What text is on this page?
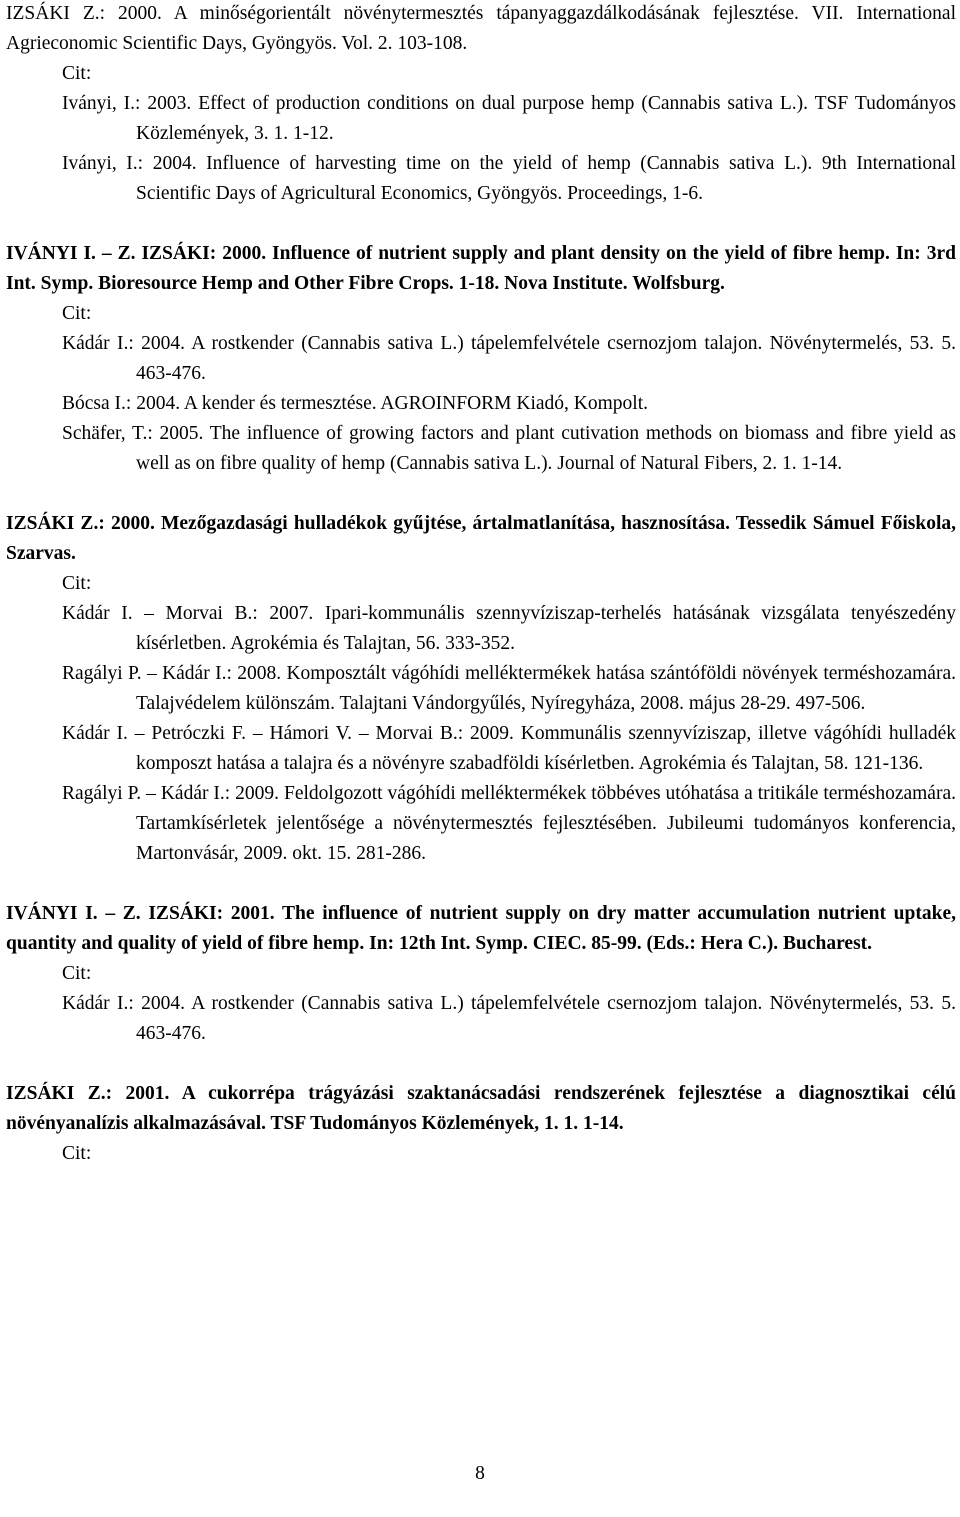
IZSÁKI Z.: 2000. A minőségorientált növénytermesztés tápanyaggazdálkodásának fejlesztése. VII. International Agrieconomic Scientific Days, Gyöngyös. Vol. 2. 103-108.
Cit:
Iványi, I.: 2003. Effect of production conditions on dual purpose hemp (Cannabis sativa L.). TSF Tudományos Közlemények, 3. 1. 1-12.
Iványi, I.: 2004. Influence of harvesting time on the yield of hemp (Cannabis sativa L.). 9th International Scientific Days of Agricultural Economics, Gyöngyös. Proceedings, 1-6.
IVÁNYI I. – Z. IZSÁKI: 2000. Influence of nutrient supply and plant density on the yield of fibre hemp. In: 3rd Int. Symp. Bioresource Hemp and Other Fibre Crops. 1-18. Nova Institute. Wolfsburg.
Cit:
Kádár I.: 2004. A rostkender (Cannabis sativa L.) tápelemfelvétele csernozjom talajon. Növénytermelés, 53. 5. 463-476.
Bócsa I.: 2004. A kender és termesztése. AGROINFORM Kiadó, Kompolt.
Schäfer, T.: 2005. The influence of growing factors and plant cutivation methods on biomass and fibre yield as well as on fibre quality of hemp (Cannabis sativa L.). Journal of Natural Fibers, 2. 1. 1-14.
IZSÁKI Z.: 2000. Mezőgazdasági hulladékok gyűjtése, ártalmatlanítása, hasznosítása. Tessedik Sámuel Főiskola, Szarvas.
Cit:
Kádár I. – Morvai B.: 2007. Ipari-kommunális szennyvíziszap-terhelés hatásának vizsgálata tenyészedény kísérletben. Agrokémia és Talajtan, 56. 333-352.
Ragályi P. – Kádár I.: 2008. Komposztált vágóhídi melléktermékek hatása szántóföldi növények terméshozamára. Talajvédelem különszám. Talajtani Vándorgyűlés, Nyíregyháza, 2008. május 28-29. 497-506.
Kádár I. – Petróczki F. – Hámori V. – Morvai B.: 2009. Kommunális szennyvíziszap, illetve vágóhídi hulladék komposzt hatása a talajra és a növényre szabadföldi kísérletben. Agrokémia és Talajtan, 58. 121-136.
Ragályi P. – Kádár I.: 2009. Feldolgozott vágóhídi melléktermékek többéves utóhatása a tritikále terméshozamára. Tartamkísérletek jelentősége a növénytermesztés fejlesztésében. Jubileumi tudományos konferencia, Martonvásár, 2009. okt. 15. 281-286.
IVÁNYI I. – Z. IZSÁKI: 2001. The influence of nutrient supply on dry matter accumulation nutrient uptake, quantity and quality of yield of fibre hemp. In: 12th Int. Symp. CIEC. 85-99. (Eds.: Hera C.). Bucharest.
Cit:
Kádár I.: 2004. A rostkender (Cannabis sativa L.) tápelemfelvétele csernozjom talajon. Növénytermelés, 53. 5. 463-476.
IZSÁKI Z.: 2001. A cukorrépa trágyázási szaktanácsadási rendszerének fejlesztése a diagnosztikai célú növényanalízis alkalmazásával. TSF Tudományos Közlemények, 1. 1. 1-14.
Cit:
8
